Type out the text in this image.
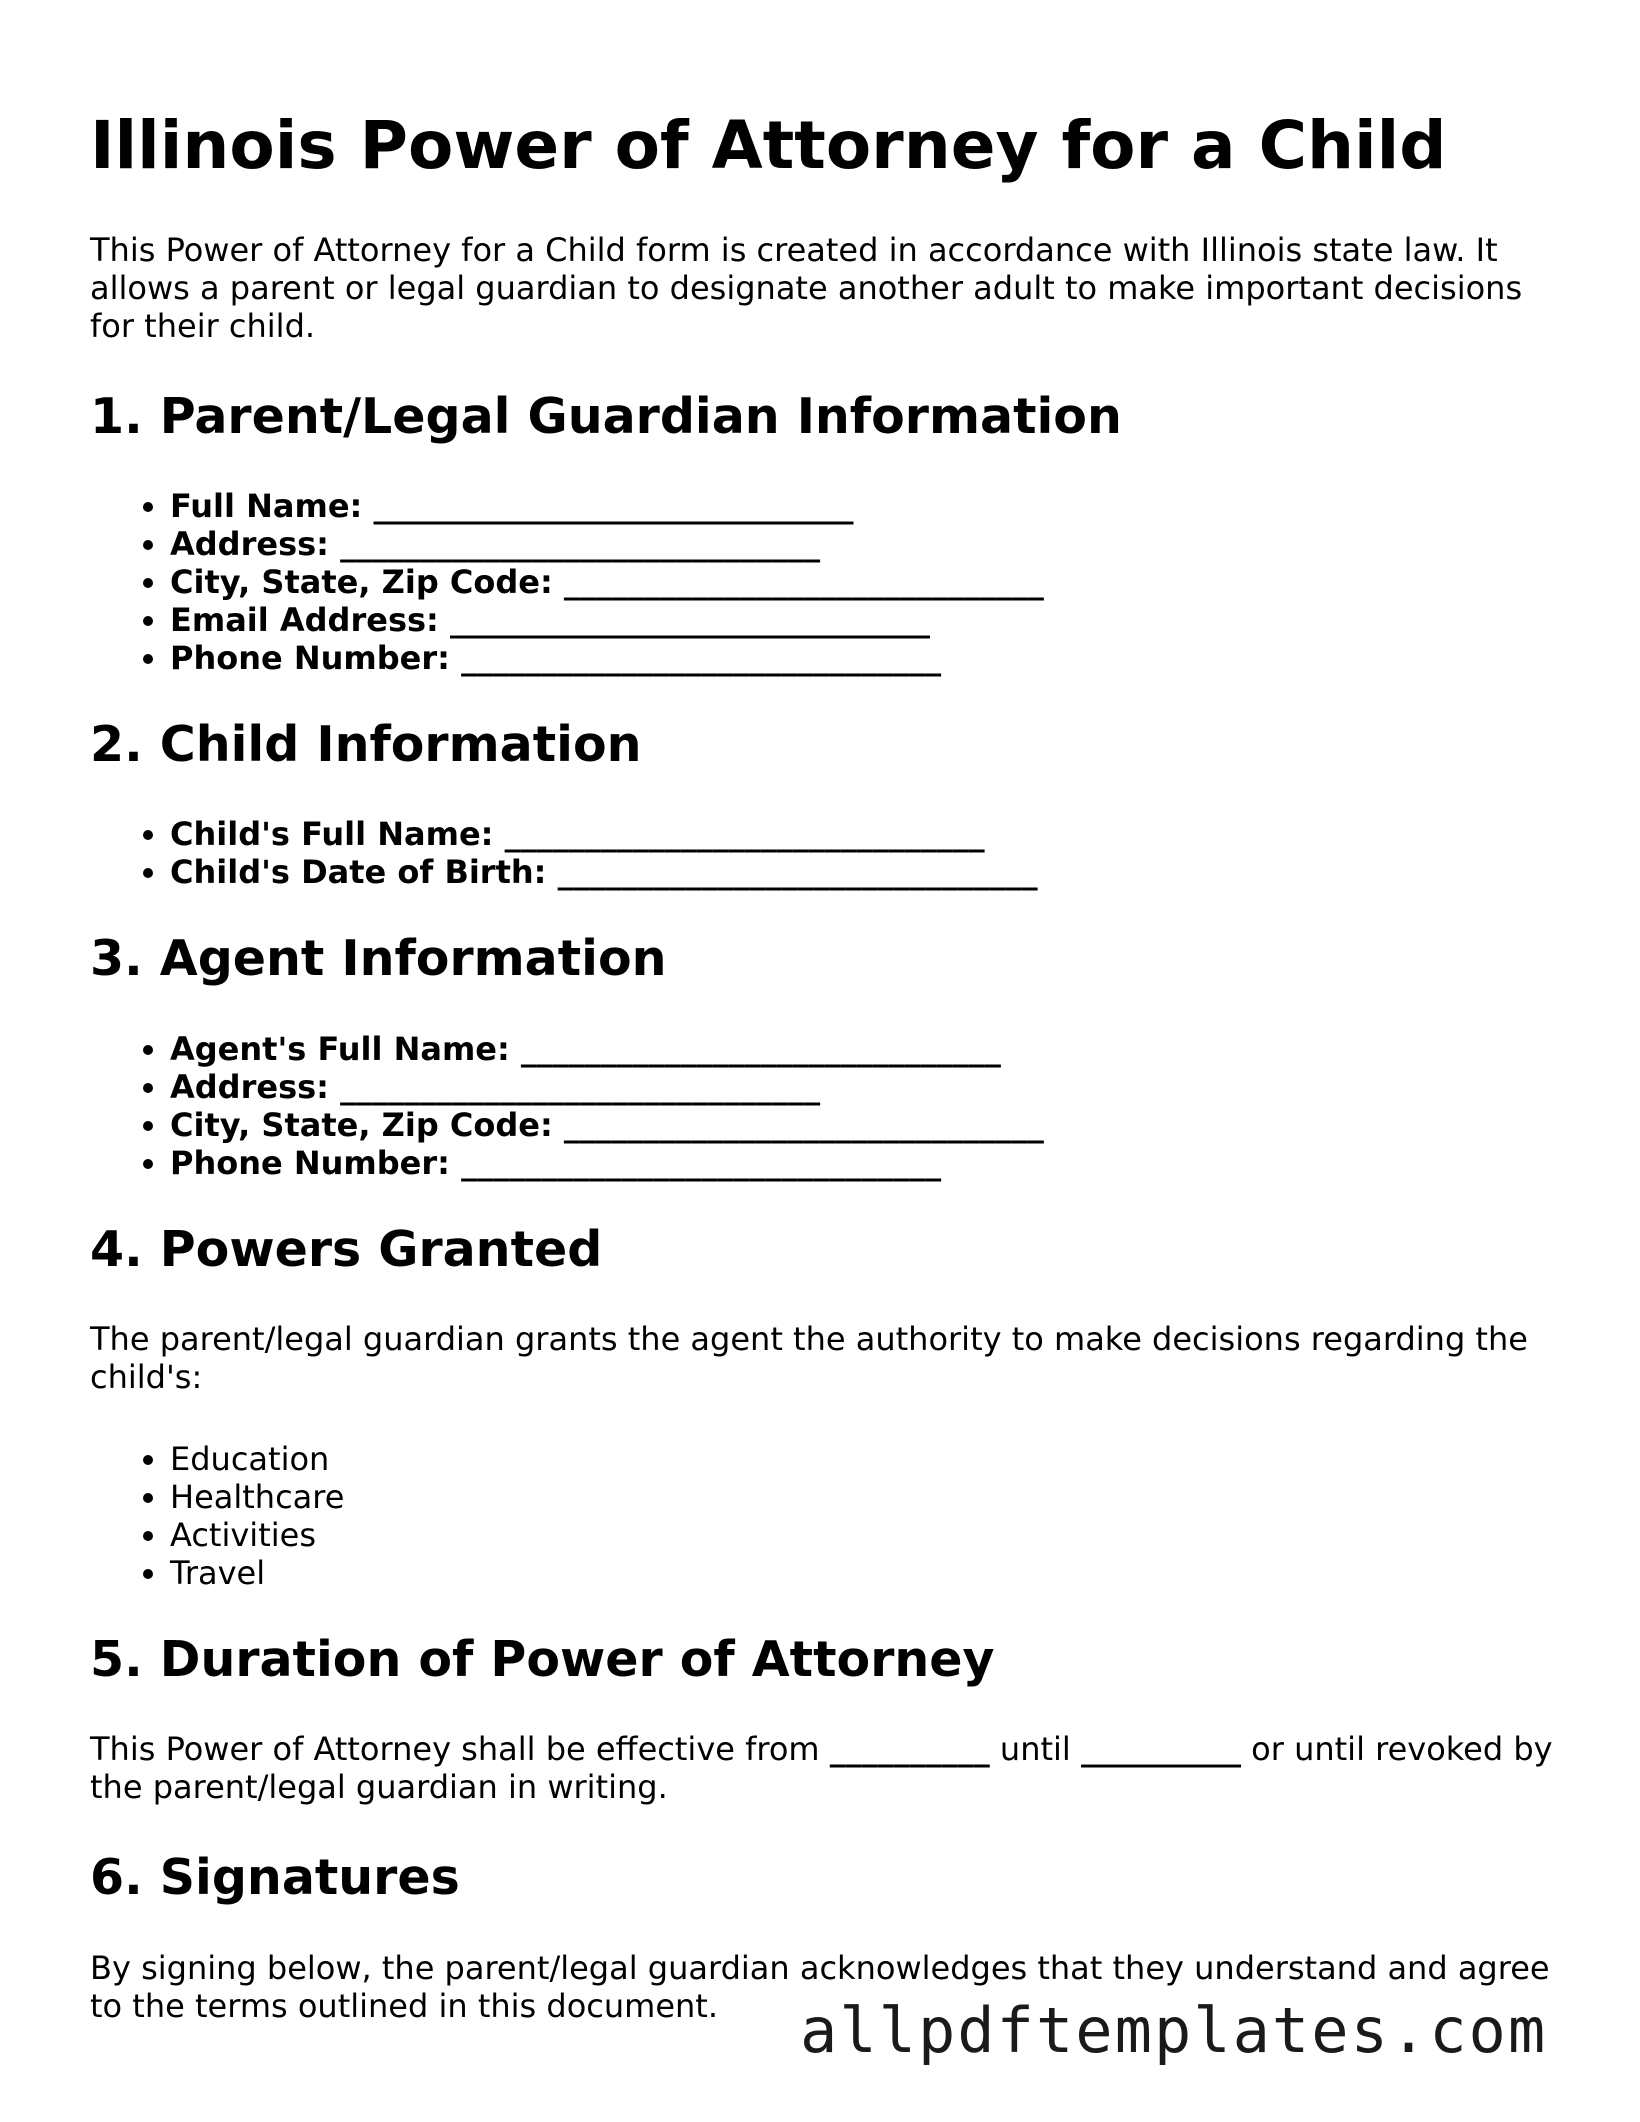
Illinois Power of Attorney for a Child

This Power of Attorney for a Child form is created in accordance with Illinois state law. It allows a parent or legal guardian to designate another adult to make important decisions for their child.

1. Parent/Legal Guardian Information
• Full Name: ______________________________
• Address: ______________________________
• City, State, Zip Code: ______________________________
• Email Address: ______________________________
• Phone Number: ______________________________
2. Child Information
• Child's Full Name: ______________________________
• Child's Date of Birth: ______________________________
3. Agent Information
• Agent's Full Name: ______________________________
• Address: ______________________________
• City, State, Zip Code: ______________________________
• Phone Number: ______________________________
4. Powers Granted

The parent/legal guardian grants the agent the authority to make decisions regarding the child's:

• Education
• Healthcare
• Activities
• Travel
5. Duration of Power of Attorney

This Power of Attorney shall be effective from __________ until __________ or until revoked by the parent/legal guardian in writing.

6. Signatures

By signing below, the parent/legal guardian acknowledges that they understand and agree to the terms outlined in this document.	allpdftemplates.com
